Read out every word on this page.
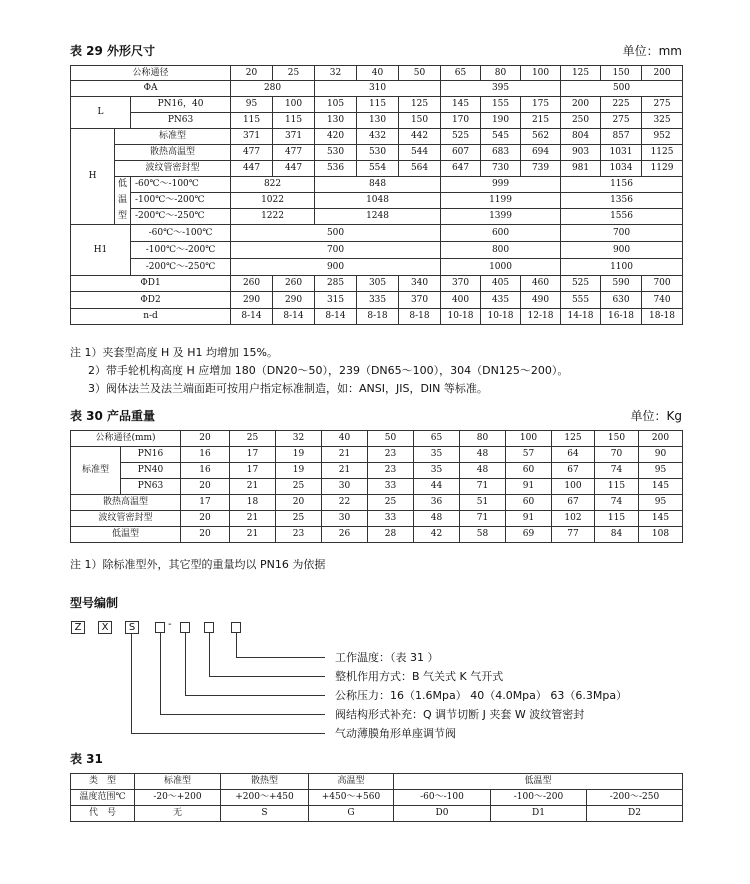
表 29 外形尺寸	单位：mm
公称通径			20	25	32	40	50	65	80	100	125	150	200
ΦA			280		310			395			500		
L		PN16，40	95	100	105	115	125	145	155	175	200	225	275
		PN63	115	115	130	130	150	170	190	215	250	275	325
H	标准型		371	371	420	432	442	525	545	562	804	857	952
	散热高温型		477	477	530	530	544	607	683	694	903	1031	1125
	波纹管密封型		447	447	536	554	564	647	730	739	981	1034	1129
	低	-60℃～-100℃	822		848			999			1156		
	温	-100℃～-200℃	1022		1048			1199			1356		
	型	-200℃～-250℃	1222		1248			1399			1556		
H1		-60℃～-100℃	500					600			700		
		-100℃～-200℃	700					800			900		
		-200℃～-250℃	900					1000			1100		
ΦD1			260	260	285	305	340	370	405	460	525	590	700
ΦD2			290	290	315	335	370	400	435	490	555	630	740
n-d			8-14	8-14	8-14	8-18	8-18	10-18	10-18	12-18	14-18	16-18	18-18
注 1）夹套型高度 H 及 H1 均增加 15%。
2）带手轮机构高度 H 应增加 180（DN20～50），239（DN65～100），304（DN125～200）。
3）阀体法兰及法兰端面距可按用户指定标准制造，如：ANSI，JIS，DIN 等标准。
表 30 产品重量	单位：Kg
公称通径(mm)		20	25	32	40	50	65	80	100	125	150	200
标准型	PN16	16	17	19	21	23	35	48	57	64	70	90
	PN40	16	17	19	21	23	35	48	60	67	74	95
	PN63	20	21	25	30	33	44	71	91	100	115	145
散热高温型		17	18	20	22	25	36	51	60	67	74	95
波纹管密封型		20	21	25	30	33	48	71	91	102	115	145
低温型		20	21	23	26	28	42	58	69	77	84	108
注 1）除标准型外，其它型的重量均以 PN16 为依据
型号编制
Z	X	S	-
工作温度：（表 31 ）
整机作用方式：B 气关式 K 气开式
公称压力：16（1.6Mpa） 40（4.0Mpa） 63（6.3Mpa）
阀结构形式补充：Q 调节切断 J 夹套 W 波纹管密封
气动薄膜角形单座调节阀
表 31
类　型	标准型	散热型	高温型	低温型		
温度范围℃	-20～+200	+200～+450	+450～+560	-60～-100	-100～-200	-200～-250
代　号	无	S	G	D0	D1	D2
